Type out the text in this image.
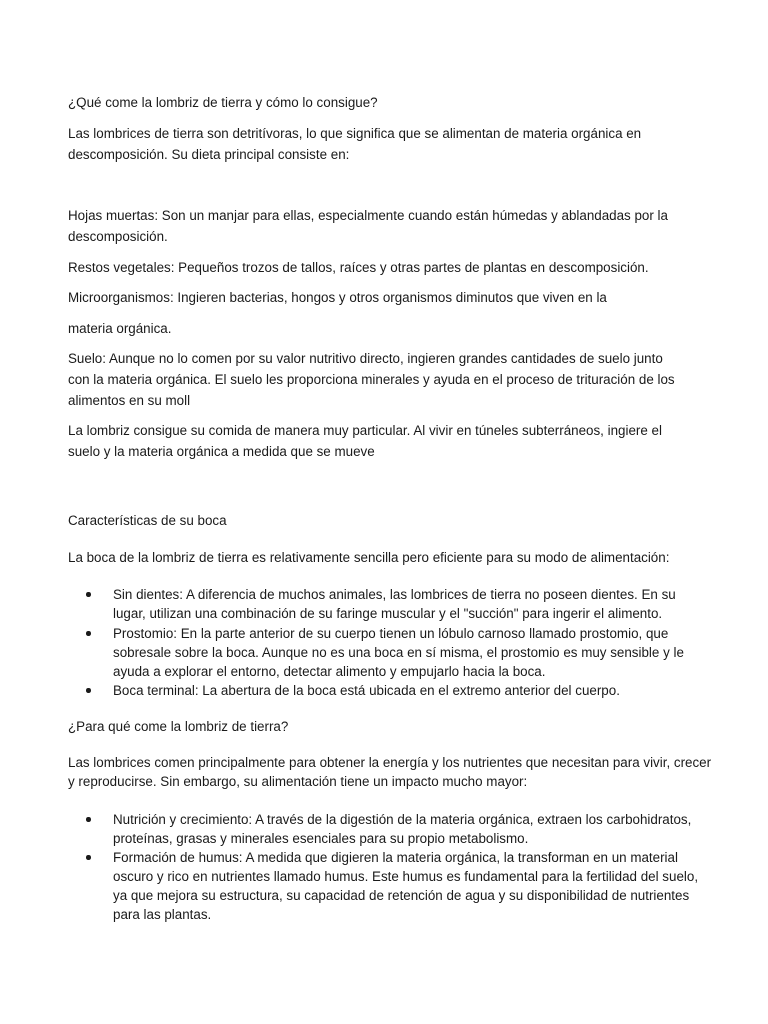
¿Qué come la lombriz de tierra y cómo lo consigue?
Las lombrices de tierra son detritívoras, lo que significa que se alimentan de materia orgánica en
descomposición. Su dieta principal consiste en:
Hojas muertas: Son un manjar para ellas, especialmente cuando están húmedas y ablandadas por la
descomposición.
Restos vegetales: Pequeños trozos de tallos, raíces y otras partes de plantas en descomposición.
Microorganismos: Ingieren bacterias, hongos y otros organismos diminutos que viven en la
materia orgánica.
Suelo: Aunque no lo comen por su valor nutritivo directo, ingieren grandes cantidades de suelo junto
con la materia orgánica. El suelo les proporciona minerales y ayuda en el proceso de trituración de los
alimentos en su moll
La lombriz consigue su comida de manera muy particular. Al vivir en túneles subterráneos, ingiere el
suelo y la materia orgánica a medida que se mueve
Características de su boca
La boca de la lombriz de tierra es relativamente sencilla pero eficiente para su modo de alimentación:
Sin dientes: A diferencia de muchos animales, las lombrices de tierra no poseen dientes. En su lugar, utilizan una combinación de su faringe muscular y el "succión" para ingerir el alimento.
Prostomio: En la parte anterior de su cuerpo tienen un lóbulo carnoso llamado prostomio, que sobresale sobre la boca. Aunque no es una boca en sí misma, el prostomio es muy sensible y le ayuda a explorar el entorno, detectar alimento y empujarlo hacia la boca.
Boca terminal: La abertura de la boca está ubicada en el extremo anterior del cuerpo.
¿Para qué come la lombriz de tierra?
Las lombrices comen principalmente para obtener la energía y los nutrientes que necesitan para vivir, crecer y reproducirse. Sin embargo, su alimentación tiene un impacto mucho mayor:
Nutrición y crecimiento: A través de la digestión de la materia orgánica, extraen los carbohidratos, proteínas, grasas y minerales esenciales para su propio metabolismo.
Formación de humus: A medida que digieren la materia orgánica, la transforman en un material oscuro y rico en nutrientes llamado humus. Este humus es fundamental para la fertilidad del suelo, ya que mejora su estructura, su capacidad de retención de agua y su disponibilidad de nutrientes para las plantas.
